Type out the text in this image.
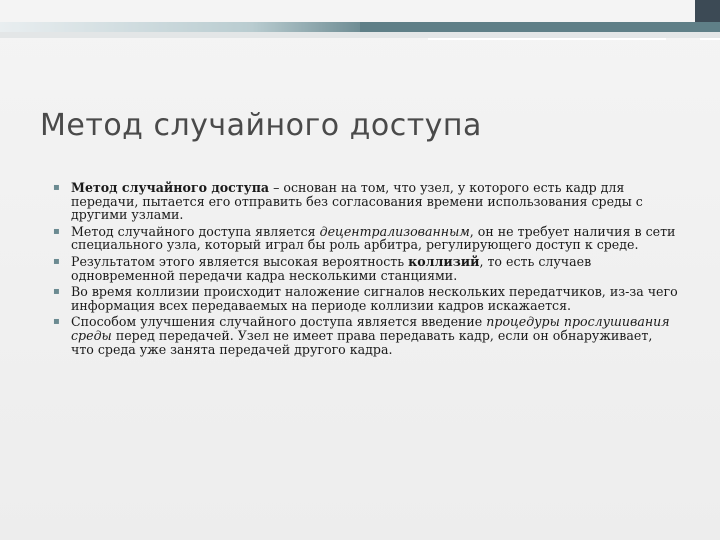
Метод случайного доступа
▪ Метод случайного доступа – основан на том, что узел, у которого есть кадр для передачи, пытается его отправить без согласования времени использования среды с другими узлами.
▪ Метод случайного доступа является децентрализованным, он не требует наличия в сети специального узла, который играл бы роль арбитра, регулирующего доступ к среде.
▪ Результатом этого является высокая вероятность коллизий, то есть случаев одновременной передачи кадра несколькими станциями.
▪ Во время коллизии происходит наложение сигналов нескольких передатчиков, из-за чего информация всех передаваемых на периоде коллизии кадров искажается.
▪ Способом улучшения случайного доступа является введение процедуры прослушивания среды перед передачей. Узел не имеет права передавать кадр, если он обнаруживает, что среда уже занята передачей другого кадра.
